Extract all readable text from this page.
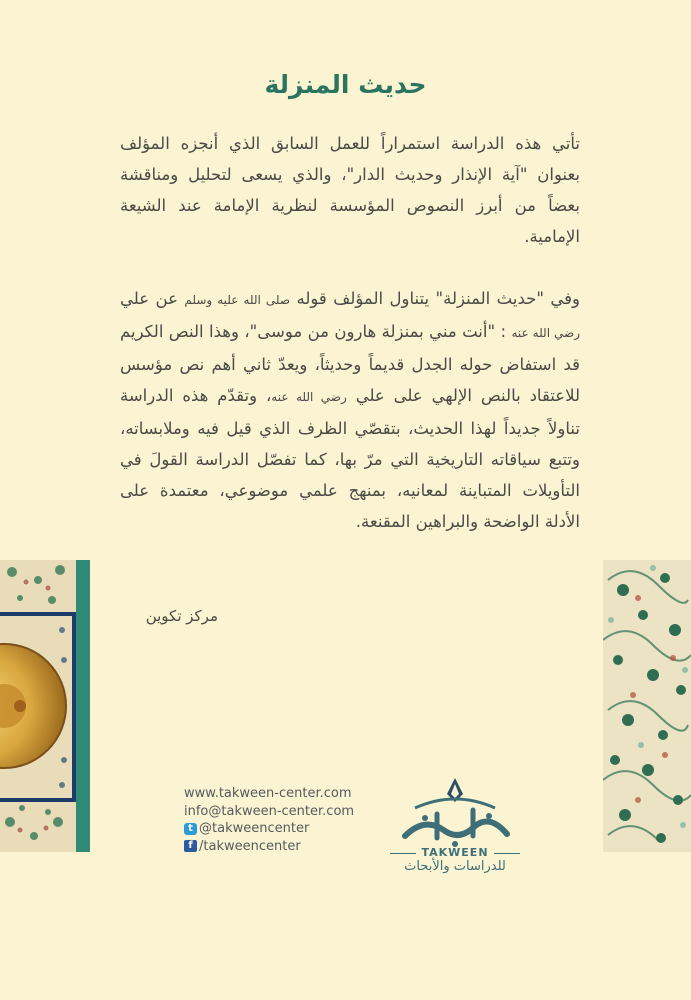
حديث المنزلة
تأتي هذه الدراسة استمراراً للعمل السابق الذي أنجزه المؤلف بعنوان "آية الإنذار وحديث الدار"، والذي يسعى لتحليل ومناقشة بعضاً من أبرز النصوص المؤسسة لنظرية الإمامة عند الشيعة الإمامية.
وفي "حديث المنزلة" يتناول المؤلف قوله صلى الله عليه وسلم عن علي رضي الله عنه : "أنت مني بمنزلة هارون من موسى"، وهذا النص الكريم قد استفاض حوله الجدل قديماً وحديثاً، ويعدّ ثاني أهم نص مؤسس للاعتقاد بالنص الإلهي على علي رضي الله عنه، وتقدّم هذه الدراسة تناولاً جديداً لهذا الحديث، بتقصّي الظرف الذي قيل فيه وملابساته، وتتبع سياقاته التاريخية التي مرّ بها، كما تفصّل الدراسة القولَ في التأويلات المتباينة لمعانيه، بمنهج علمي موضوعي، معتمدة على الأدلة الواضحة والبراهين المقنعة.
مركز تكوين
www.takween-center.com
info@takween-center.com
t @takweencenter
f /takweencenter	TAKWEEN
للدراسات والأبحاث
